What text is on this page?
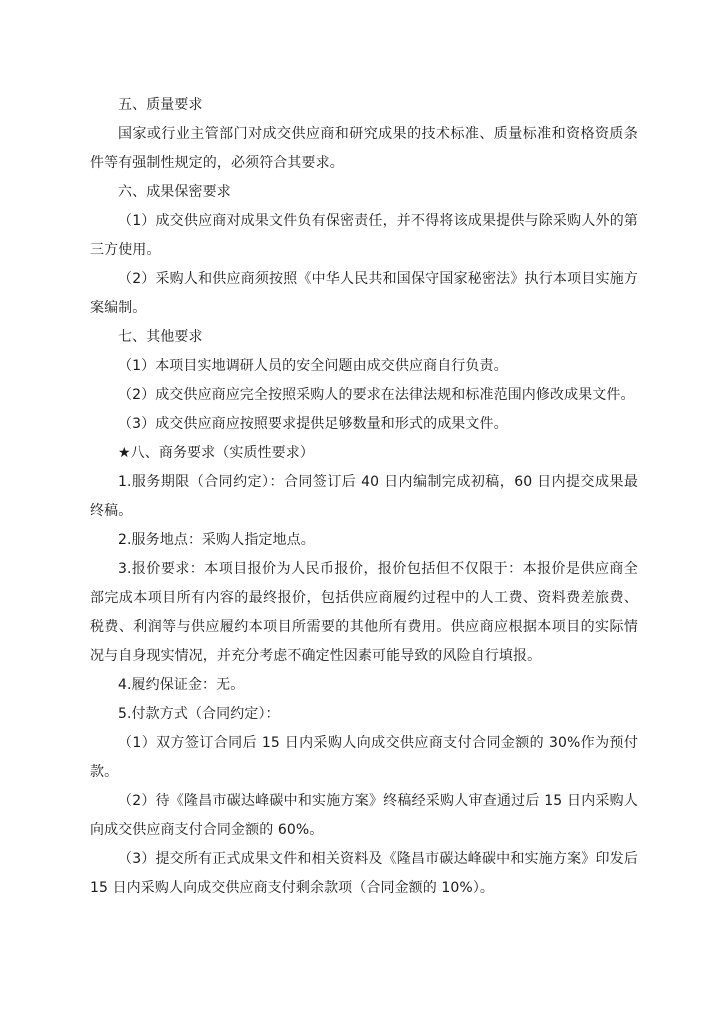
五、质量要求

国家或行业主管部门对成交供应商和研究成果的技术标准、质量标准和资格资质条件等有强制性规定的，必须符合其要求。

六、成果保密要求

（1）成交供应商对成果文件负有保密责任，并不得将该成果提供与除采购人外的第三方使用。

（2）采购人和供应商须按照《中华人民共和国保守国家秘密法》执行本项目实施方案编制。

七、其他要求

（1）本项目实地调研人员的安全问题由成交供应商自行负责。

（2）成交供应商应完全按照采购人的要求在法律法规和标准范围内修改成果文件。

（3）成交供应商应按照要求提供足够数量和形式的成果文件。

★八、商务要求（实质性要求）

1.服务期限（合同约定）：合同签订后 40 日内编制完成初稿，60 日内提交成果最终稿。

2.服务地点：采购人指定地点。

3.报价要求：本项目报价为人民币报价，报价包括但不仅限于：本报价是供应商全部完成本项目所有内容的最终报价，包括供应商履约过程中的人工费、资料费差旅费、税费、利润等与供应履约本项目所需要的其他所有费用。供应商应根据本项目的实际情况与自身现实情况，并充分考虑不确定性因素可能导致的风险自行填报。

4.履约保证金：无。

5.付款方式（合同约定）：

（1）双方签订合同后 15 日内采购人向成交供应商支付合同金额的 30%作为预付款。

（2）待《隆昌市碳达峰碳中和实施方案》终稿经采购人审查通过后 15 日内采购人向成交供应商支付合同金额的 60%。

（3）提交所有正式成果文件和相关资料及《隆昌市碳达峰碳中和实施方案》印发后 15 日内采购人向成交供应商支付剩余款项（合同金额的 10%）。
